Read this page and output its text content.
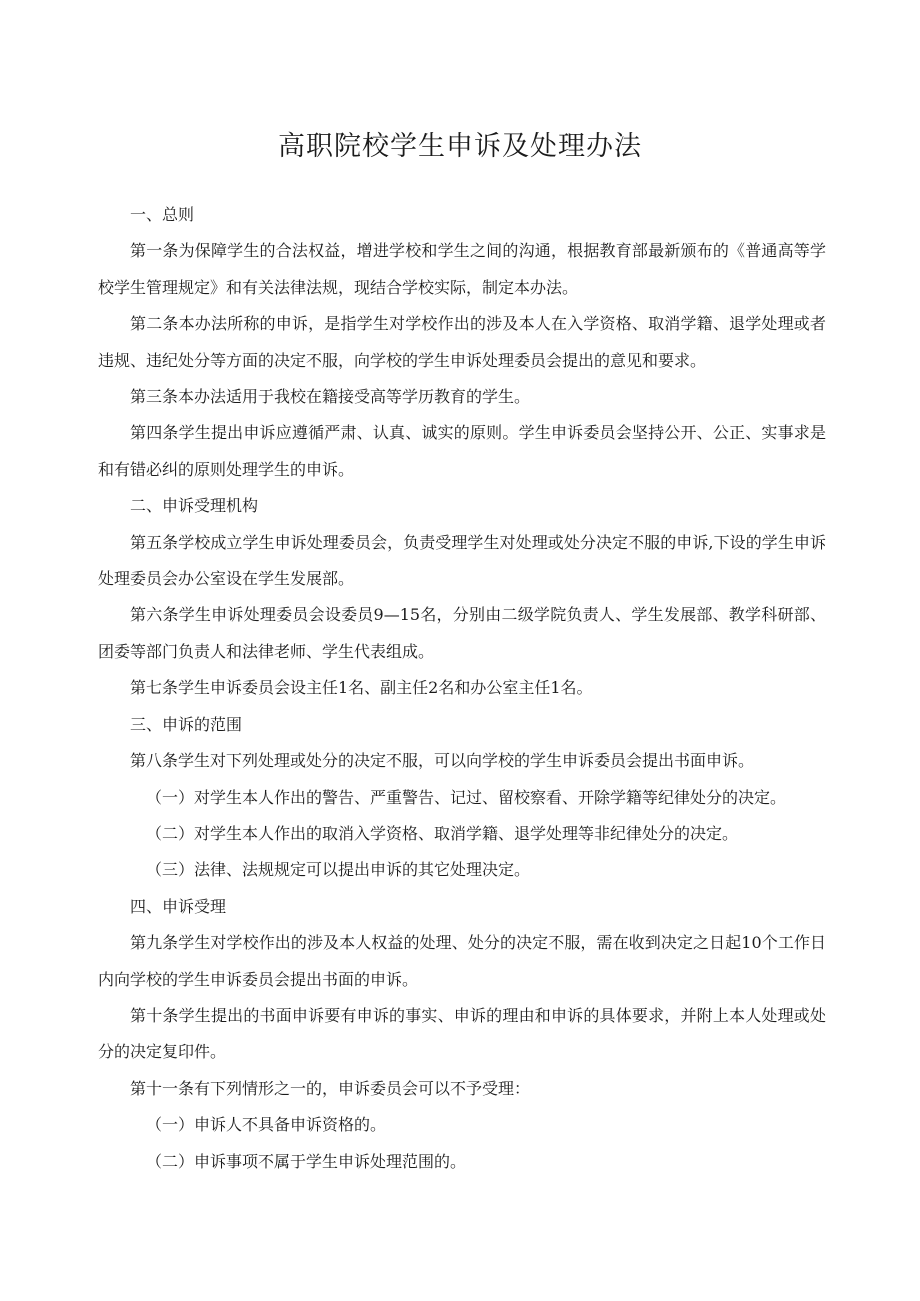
高职院校学生申诉及处理办法

一、总则

第一条为保障学生的合法权益，增进学校和学生之间的沟通，根据教育部最新颁布的《普通高等学校学生管理规定》和有关法律法规，现结合学校实际，制定本办法。

第二条本办法所称的申诉，是指学生对学校作出的涉及本人在入学资格、取消学籍、退学处理或者违规、违纪处分等方面的决定不服，向学校的学生申诉处理委员会提出的意见和要求。

第三条本办法适用于我校在籍接受高等学历教育的学生。

第四条学生提出申诉应遵循严肃、认真、诚实的原则。学生申诉委员会坚持公开、公正、实事求是和有错必纠的原则处理学生的申诉。

二、申诉受理机构

第五条学校成立学生申诉处理委员会，负责受理学生对处理或处分决定不服的申诉,下设的学生申诉处理委员会办公室设在学生发展部。

第六条学生申诉处理委员会设委员9—15名，分别由二级学院负责人、学生发展部、教学科研部、团委等部门负责人和法律老师、学生代表组成。

第七条学生申诉委员会设主任1名、副主任2名和办公室主任1名。

三、申诉的范围

第八条学生对下列处理或处分的决定不服，可以向学校的学生申诉委员会提出书面申诉。

（一）对学生本人作出的警告、严重警告、记过、留校察看、开除学籍等纪律处分的决定。

（二）对学生本人作出的取消入学资格、取消学籍、退学处理等非纪律处分的决定。

（三）法律、法规规定可以提出申诉的其它处理决定。

四、申诉受理

第九条学生对学校作出的涉及本人权益的处理、处分的决定不服，需在收到决定之日起10个工作日内向学校的学生申诉委员会提出书面的申诉。

第十条学生提出的书面申诉要有申诉的事实、申诉的理由和申诉的具体要求，并附上本人处理或处分的决定复印件。

第十一条有下列情形之一的，申诉委员会可以不予受理：

（一）申诉人不具备申诉资格的。

（二）申诉事项不属于学生申诉处理范围的。
